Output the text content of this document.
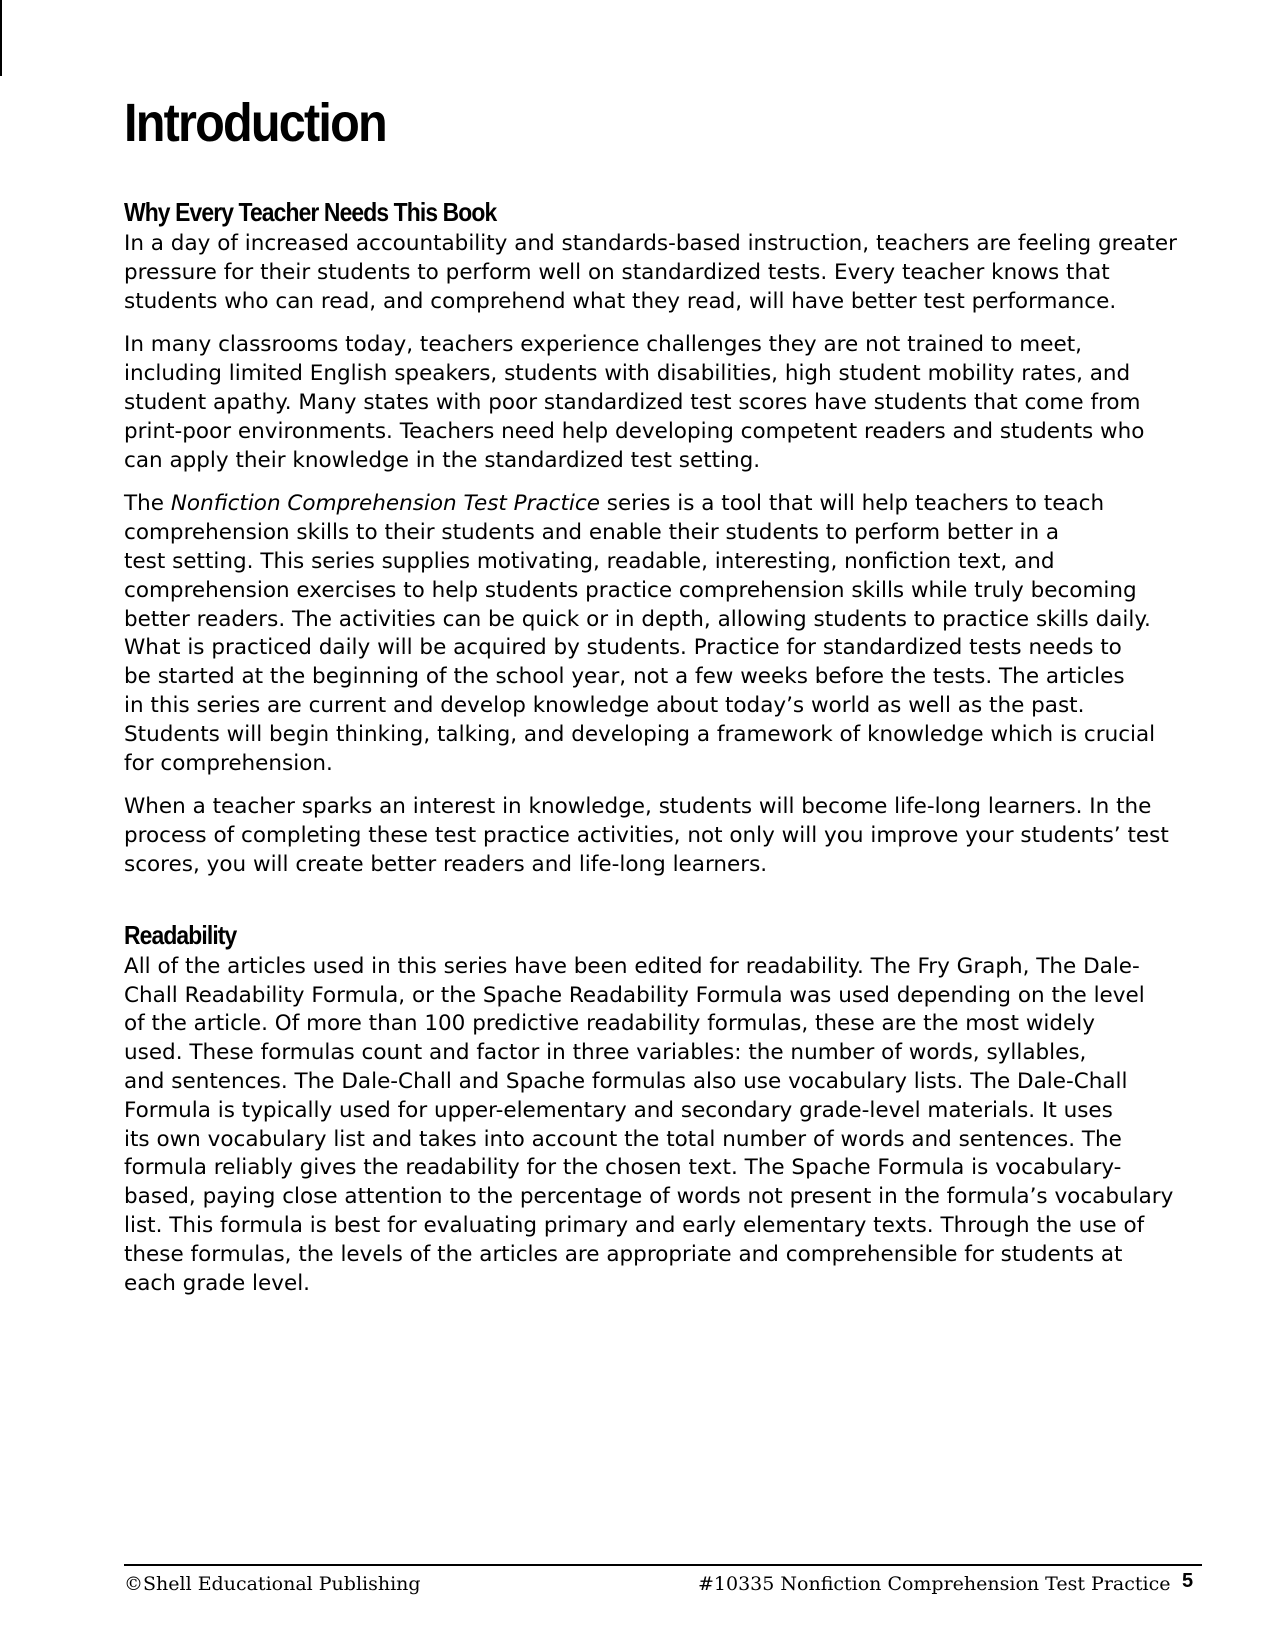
Introduction
Why Every Teacher Needs This Book

In a day of increased accountability and standards-based instruction, teachers are feeling greater
pressure for their students to perform well on standardized tests. Every teacher knows that
students who can read, and comprehend what they read, will have better test performance.

In many classrooms today, teachers experience challenges they are not trained to meet,
including limited English speakers, students with disabilities, high student mobility rates, and
student apathy. Many states with poor standardized test scores have students that come from
print-poor environments. Teachers need help developing competent readers and students who
can apply their knowledge in the standardized test setting.

The Nonfiction Comprehension Test Practice series is a tool that will help teachers to teach
comprehension skills to their students and enable their students to perform better in a
test setting. This series supplies motivating, readable, interesting, nonfiction text, and
comprehension exercises to help students practice comprehension skills while truly becoming
better readers. The activities can be quick or in depth, allowing students to practice skills daily.
What is practiced daily will be acquired by students. Practice for standardized tests needs to
be started at the beginning of the school year, not a few weeks before the tests. The articles
in this series are current and develop knowledge about today’s world as well as the past.
Students will begin thinking, talking, and developing a framework of knowledge which is crucial
for comprehension.

When a teacher sparks an interest in knowledge, students will become life-long learners. In the
process of completing these test practice activities, not only will you improve your students’ test
scores, you will create better readers and life-long learners.

Readability

All of the articles used in this series have been edited for readability. The Fry Graph, The Dale-
Chall Readability Formula, or the Spache Readability Formula was used depending on the level
of the article. Of more than 100 predictive readability formulas, these are the most widely
used. These formulas count and factor in three variables: the number of words, syllables,
and sentences. The Dale-Chall and Spache formulas also use vocabulary lists. The Dale-Chall
Formula is typically used for upper-elementary and secondary grade-level materials. It uses
its own vocabulary list and takes into account the total number of words and sentences. The
formula reliably gives the readability for the chosen text. The Spache Formula is vocabulary-
based, paying close attention to the percentage of words not present in the formula’s vocabulary
list. This formula is best for evaluating primary and early elementary texts. Through the use of
these formulas, the levels of the articles are appropriate and comprehensible for students at
each grade level.

©Shell Educational Publishing	#10335 Nonfiction Comprehension Test Practice 5
